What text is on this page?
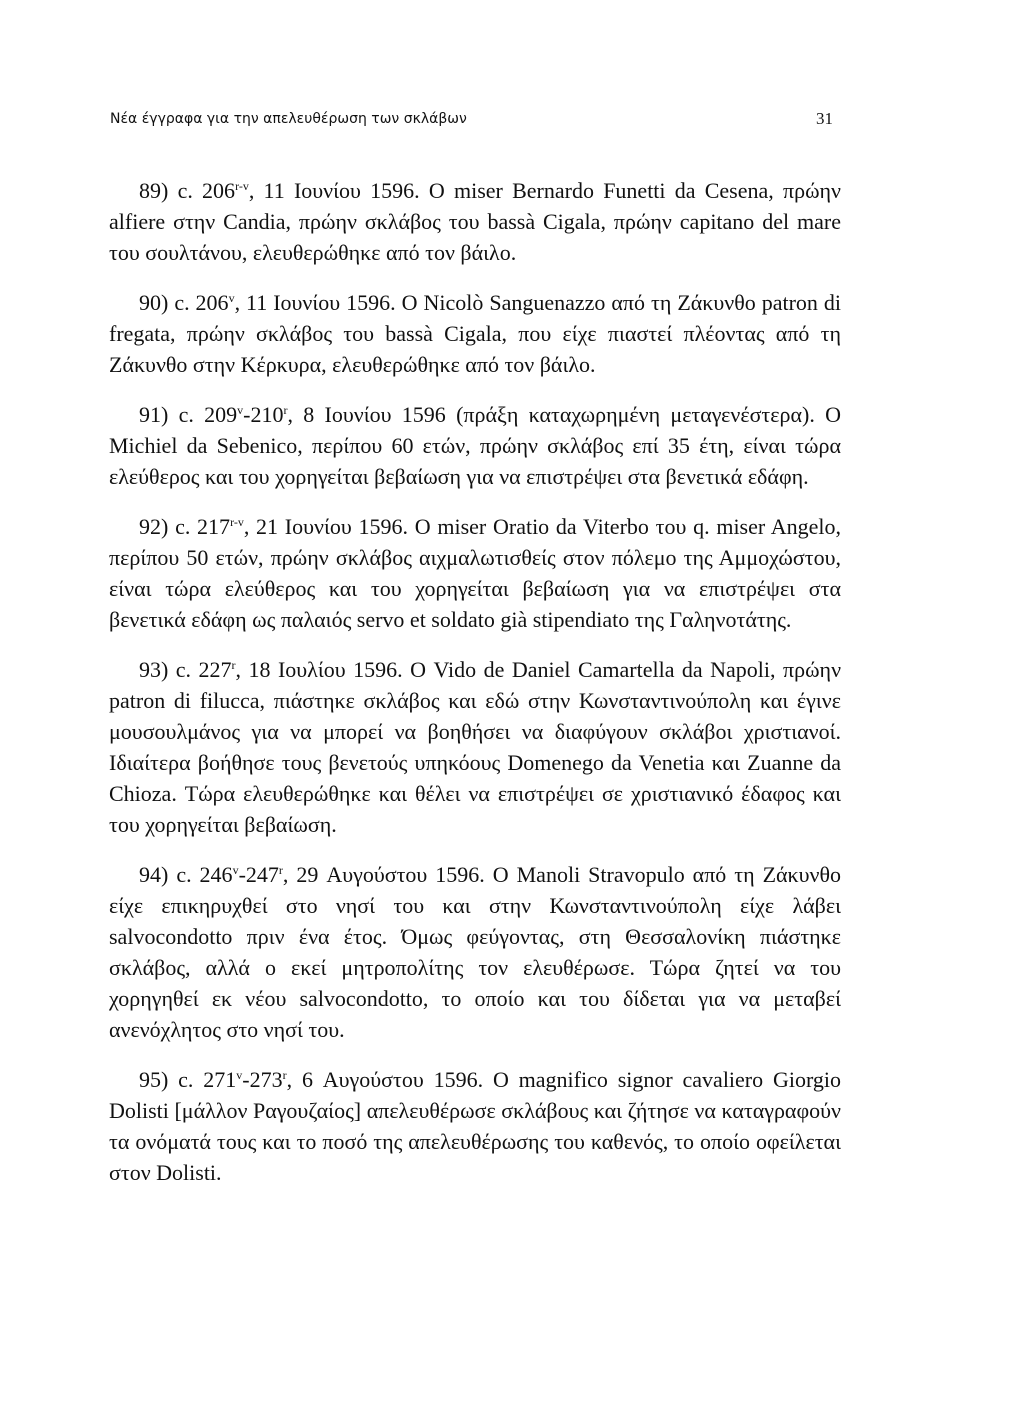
Νέα έγγραφα για την απελευθέρωση των σκλάβων	31

89) c. 206$^{r-v}$, 11 Ιουνίου 1596. Ο miser Bernardo Funetti da Cesena, πρώην alfiere στην Candia, πρώην σκλάβος του bassà Cigala, πρώην capitano del mare του σουλτάνου, ελευθερώθηκε από τον βάιλο.

90) c. 206$^v$, 11 Ιουνίου 1596. Ο Nicolò Sanguenazzo από τη Ζάκυνθο patron di fregata, πρώην σκλάβος του bassà Cigala, που είχε πιαστεί πλέοντας από τη Ζάκυνθο στην Κέρκυρα, ελευθερώθηκε από τον βάιλο.

91) c. 209$^v$-210$^r$, 8 Ιουνίου 1596 (πράξη καταχωρημένη μεταγενέστερα). Ο Michiel da Sebenico, περίπου 60 ετών, πρώην σκλάβος επί 35 έτη, είναι τώρα ελεύθερος και του χορηγείται βεβαίωση για να επιστρέψει στα βενετικά εδάφη.

92) c. 217$^{r-v}$, 21 Ιουνίου 1596. Ο miser Oratio da Viterbo του q. miser Angelo, περίπου 50 ετών, πρώην σκλάβος αιχμαλωτισθείς στον πόλεμο της Αμμοχώστου, είναι τώρα ελεύθερος και του χορηγείται βεβαίωση για να επιστρέψει στα βενετικά εδάφη ως παλαιός servo et soldato già stipendiato της Γαληνοτάτης.

93) c. 227$^r$, 18 Ιουλίου 1596. Ο Vido de Daniel Camartella da Napoli, πρώην patron di filucca, πιάστηκε σκλάβος και εδώ στην Κωνσταντινούπολη και έγινε μουσουλμάνος για να μπορεί να βοηθήσει να διαφύγουν σκλάβοι χριστιανοί. Ιδιαίτερα βοήθησε τους βενετούς υπηκόους Domenego da Venetia και Zuanne da Chioza. Τώρα ελευθερώθηκε και θέλει να επιστρέψει σε χριστιανικό έδαφος και του χορηγείται βεβαίωση.

94) c. 246$^v$-247$^r$, 29 Αυγούστου 1596. Ο Manoli Stravopulo από τη Ζάκυνθο είχε επικηρυχθεί στο νησί του και στην Κωνσταντινούπολη είχε λάβει salvocondotto πριν ένα έτος. Όμως φεύγοντας, στη Θεσσαλονίκη πιάστηκε σκλάβος, αλλά ο εκεί μητροπολίτης τον ελευθέρωσε. Τώρα ζητεί να του χορηγηθεί εκ νέου salvocondotto, το οποίο και του δίδεται για να μεταβεί ανενόχλητος στο νησί του.

95) c. 271$^v$-273$^r$, 6 Αυγούστου 1596. Ο magnifico signor cavaliero Giorgio Dolisti [μάλλον Ραγουζαίος] απελευθέρωσε σκλάβους και ζήτησε να καταγραφούν τα ονόματά τους και το ποσό της απελευθέρωσης του καθενός, το οποίο οφείλεται στον Dolisti.
